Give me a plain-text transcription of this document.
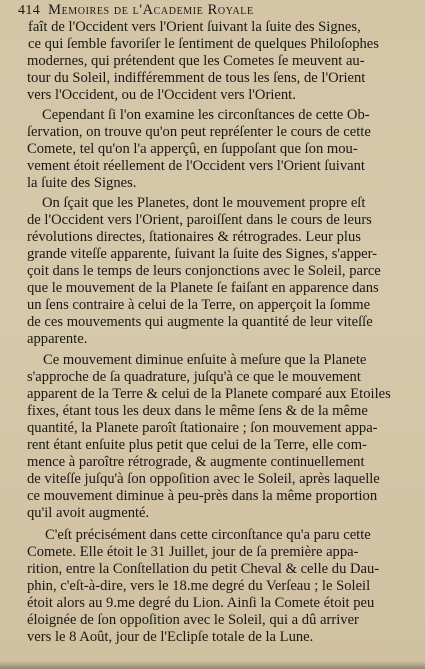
414 Memoires de l'Academie Royale
faît de l'Occident vers l'Orient ſuivant la ſuite des Signes,
ce qui ſemble favoriſer le ſentiment de quelques Philoſophes
modernes, qui prétendent que les Cometes ſe meuvent au-
tour du Soleil, indifféremment de tous les ſens, de l'Orient
vers l'Occident, ou de l'Occident vers l'Orient.
Cependant ſi l'on examine les circonſtances de cette Ob-
ſervation, on trouve qu'on peut repréſenter le cours de cette
Comete, tel qu'on l'a apperçû, en ſuppoſant que ſon mou-
vement étoit réellement de l'Occident vers l'Orient ſuivant
la ſuite des Signes.
On ſçait que les Planetes, dont le mouvement propre eſt
de l'Occident vers l'Orient, paroiſſent dans le cours de leurs
révolutions directes, ſtationaires & rétrogrades. Leur plus
grande viteſſe apparente, ſuivant la ſuite des Signes, s'apper-
çoit dans le temps de leurs conjonctions avec le Soleil, parce
que le mouvement de la Planete ſe faiſant en apparence dans
un ſens contraire à celui de la Terre, on apperçoit la ſomme
de ces mouvements qui augmente la quantité de leur viteſſe
apparente.
Ce mouvement diminue enſuite à meſure que la Planete
s'approche de ſa quadrature, juſqu'à ce que le mouvement
apparent de la Terre & celui de la Planete comparé aux Etoiles
fixes, étant tous les deux dans le même ſens & de la même
quantité, la Planete paroît ſtationaire ; ſon mouvement appa-
rent étant enſuite plus petit que celui de la Terre, elle com-
mence à paroître rétrograde, & augmente continuellement
de viteſſe juſqu'à ſon oppoſition avec le Soleil, après laquelle
ce mouvement diminue à peu-près dans la même proportion
qu'il avoit augmenté.
C'eſt précisément dans cette circonſtance qu'a paru cette
Comete. Elle étoit le 31 Juillet, jour de ſa première appa-
rition, entre la Conſtellation du petit Cheval & celle du Dau-
phin, c'eſt-à-dire, vers le 18.me degré du Verſeau ; le Soleil
étoit alors au 9.me degré du Lion. Ainſi la Comete étoit peu
éloignée de ſon oppoſition avec le Soleil, qui a dû arriver
vers le 8 Août, jour de l'Eclipſe totale de la Lune.
